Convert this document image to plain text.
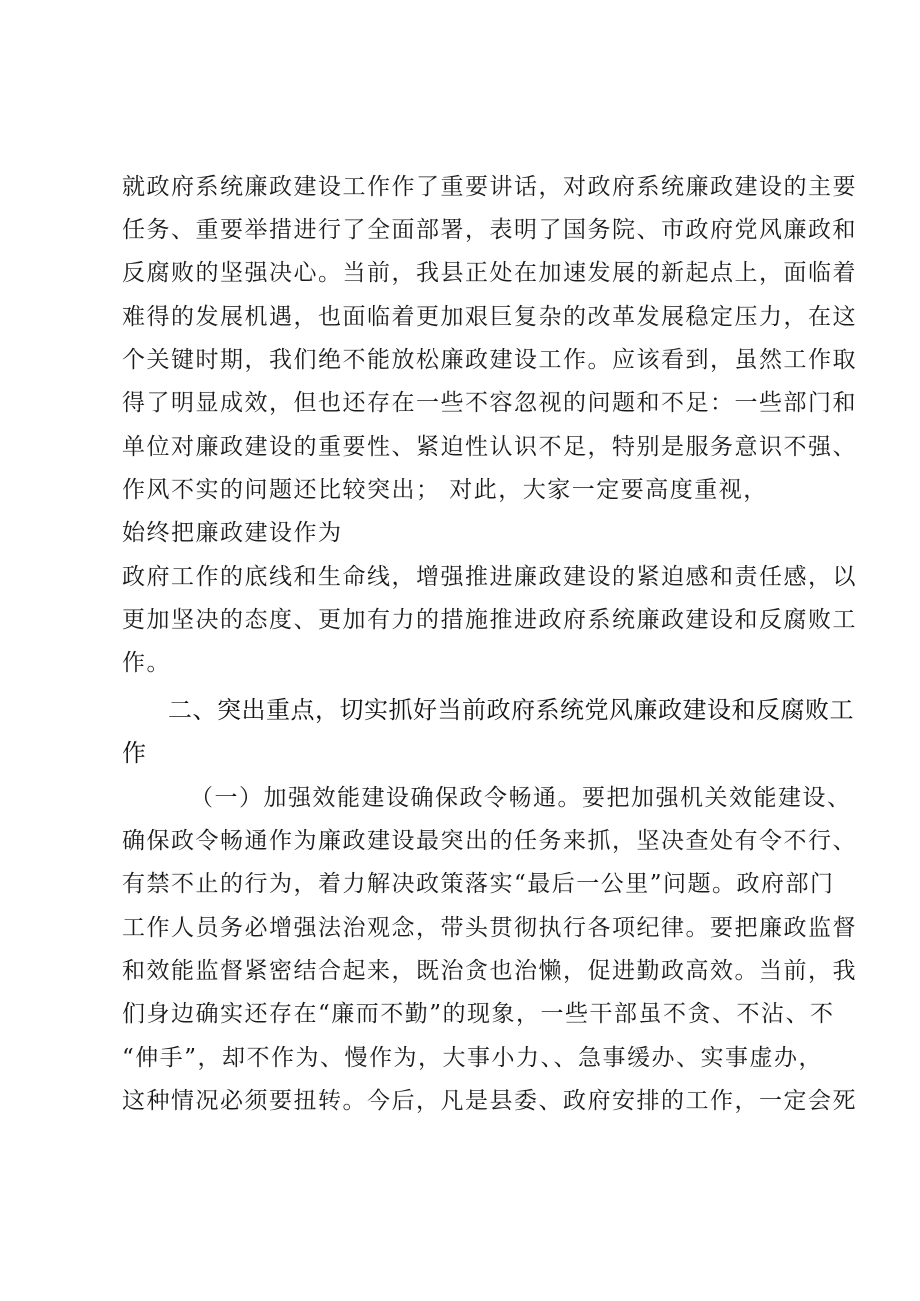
就政府系统廉政建设工作作了重要讲话，对政府系统廉政建设的主要
任务、重要举措进行了全面部署，表明了国务院、市政府党风廉政和
反腐败的坚强决心。当前，我县正处在加速发展的新起点上，面临着
难得的发展机遇，也面临着更加艰巨复杂的改革发展稳定压力，在这
个关键时期，我们绝不能放松廉政建设工作。应该看到，虽然工作取
得了明显成效，但也还存在一些不容忽视的问题和不足：一些部门和
单位对廉政建设的重要性、紧迫性认识不足，特别是服务意识不强、
作风不实的问题还比较突出； 对此，大家一定要高度重视，
始终把廉政建设作为
政府工作的底线和生命线，增强推进廉政建设的紧迫感和责任感，以
更加坚决的态度、更加有力的措施推进政府系统廉政建设和反腐败工
作。
二、突出重点，切实抓好当前政府系统党风廉政建设和反腐败工
作
（一）加强效能建设确保政令畅通。要把加强机关效能建设、
确保政令畅通作为廉政建设最突出的任务来抓，坚决查处有令不行、
有禁不止的行为，着力解决政策落实“最后一公里”问题。政府部门
工作人员务必增强法治观念，带头贯彻执行各项纪律。要把廉政监督
和效能监督紧密结合起来，既治贪也治懒，促进勤政高效。当前，我
们身边确实还存在“廉而不勤”的现象，一些干部虽不贪、不沾、不
“伸手”，却不作为、慢作为，大事小力、、急事缓办、实事虚办，
这种情况必须要扭转。今后，凡是县委、政府安排的工作，一定会死
